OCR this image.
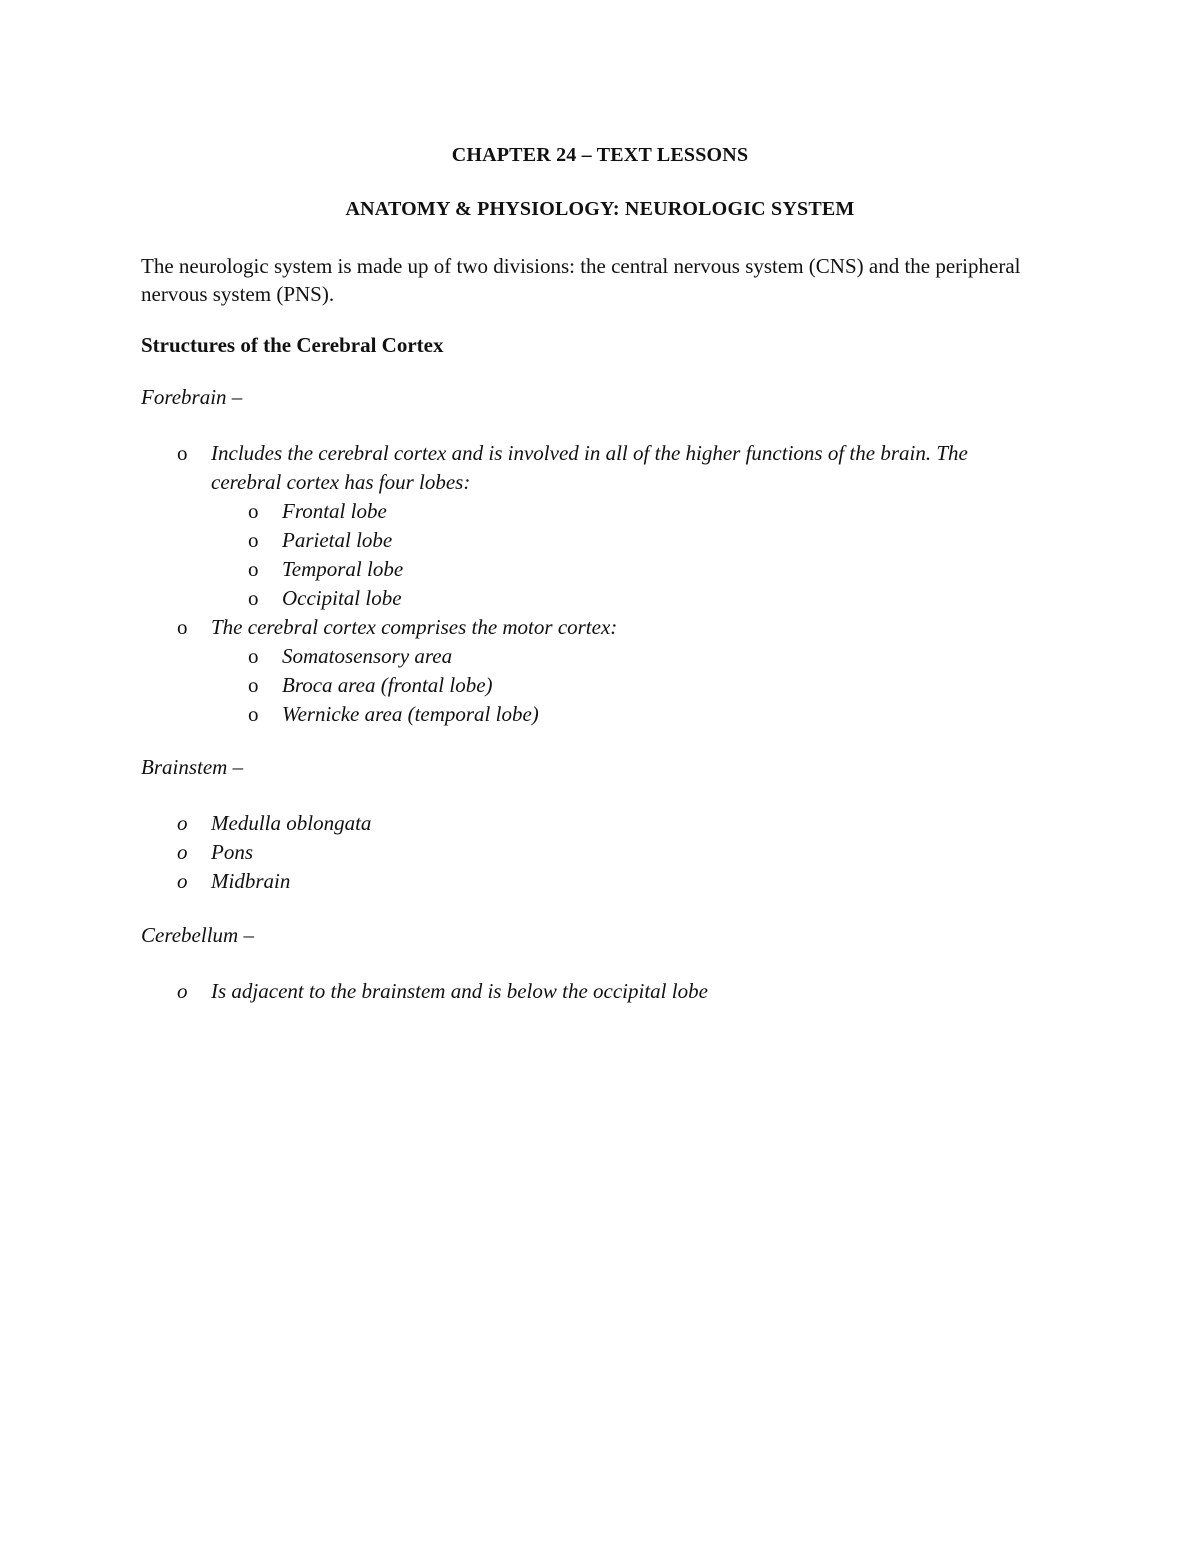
CHAPTER 24 – TEXT LESSONS

ANATOMY & PHYSIOLOGY: NEUROLOGIC SYSTEM

The neurologic system is made up of two divisions: the central nervous system (CNS) and the peripheral nervous system (PNS).

Structures of the Cerebral Cortex

Forebrain –

o Includes the cerebral cortex and is involved in all of the higher functions of the brain. The cerebral cortex has four lobes:
o Frontal lobe
o Parietal lobe
o Temporal lobe
o Occipital lobe
o The cerebral cortex comprises the motor cortex:
o Somatosensory area
o Broca area (frontal lobe)
o Wernicke area (temporal lobe)

Brainstem –

o Medulla oblongata
o Pons
o Midbrain

Cerebellum –

o Is adjacent to the brainstem and is below the occipital lobe
